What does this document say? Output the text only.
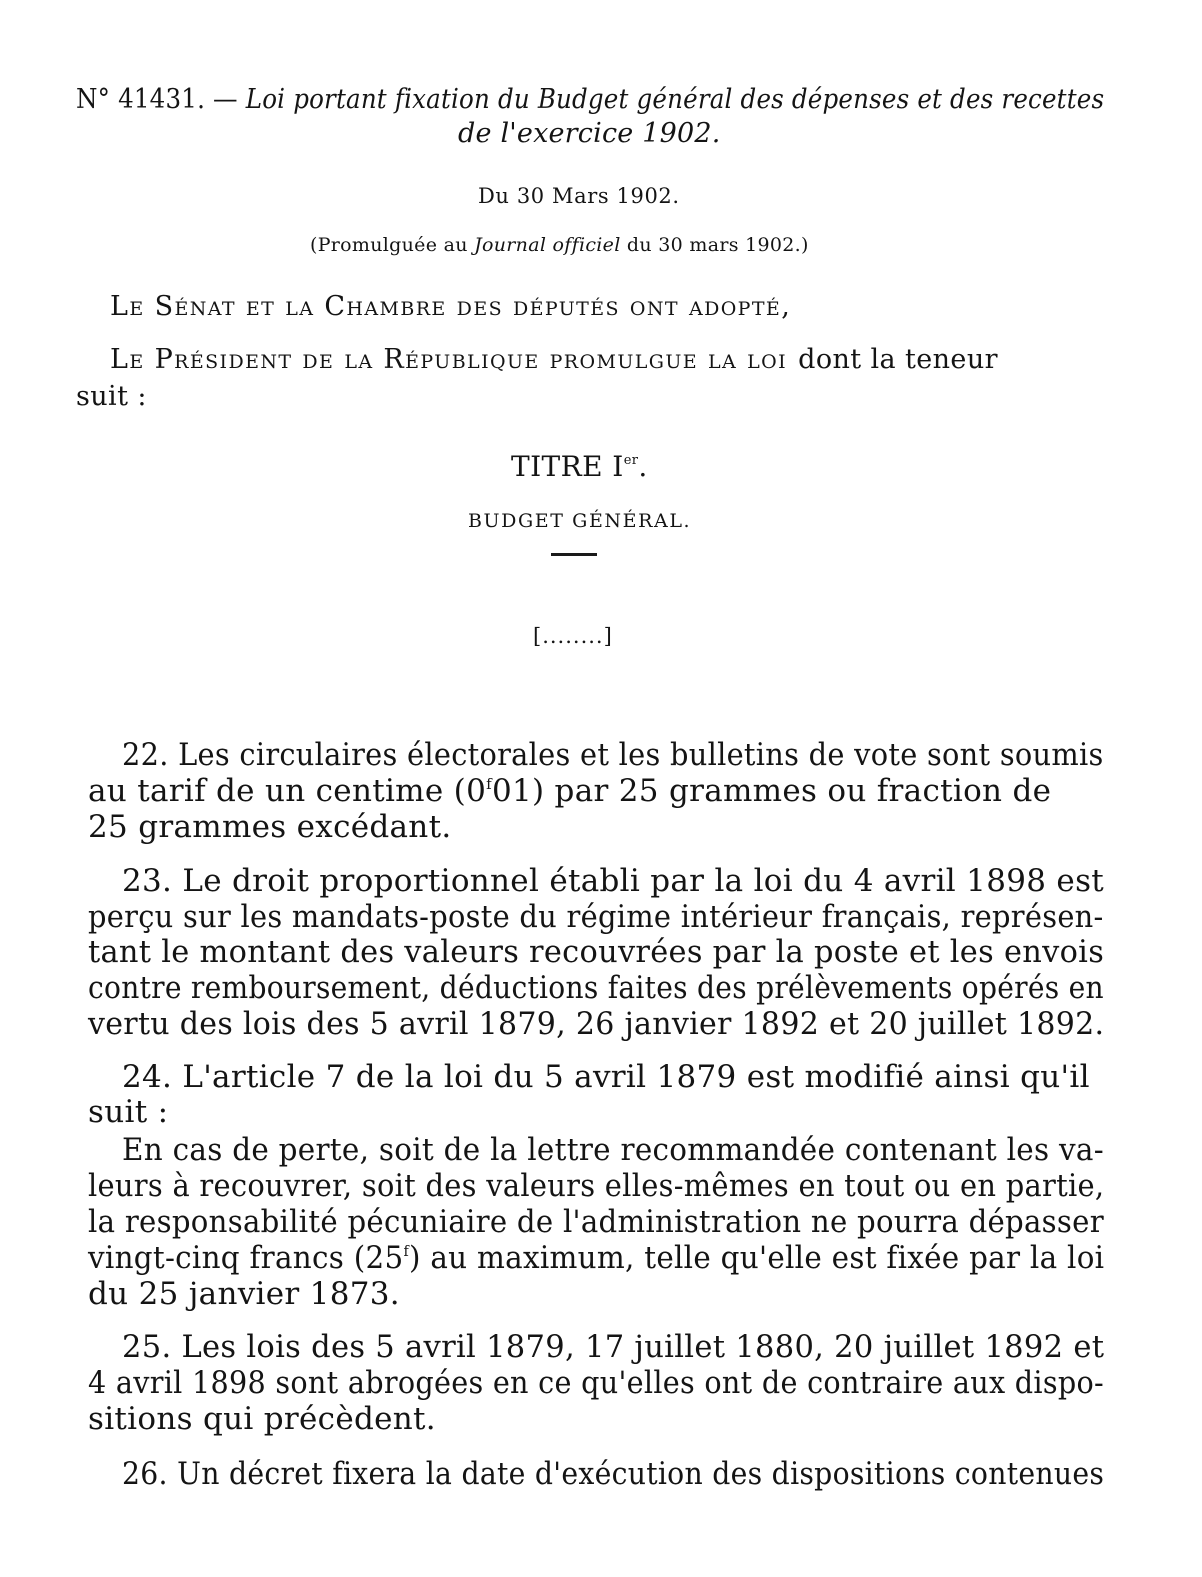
N° 41431. — Loi portant fixation du Budget général des dépenses et des recettes
de l'exercice 1902.
Du 30 Mars 1902.
(Promulguée au Journal officiel du 30 mars 1902.)
Le Sénat et la Chambre des députés ont adopté,
Le Président de la République promulgue la loi dont la teneur
suit :
TITRE Ier.
BUDGET GÉNÉRAL.
[........]
22. Les circulaires électorales et les bulletins de vote sont soumis
au tarif de un centime (0$^f$01) par 25 grammes ou fraction de
25 grammes excédant.
23. Le droit proportionnel établi par la loi du 4 avril 1898 est
perçu sur les mandats-poste du régime intérieur français, représen-
tant le montant des valeurs recouvrées par la poste et les envois
contre remboursement, déductions faites des prélèvements opérés en
vertu des lois des 5 avril 1879, 26 janvier 1892 et 20 juillet 1892.
24. L'article 7 de la loi du 5 avril 1879 est modifié ainsi qu'il
suit :
En cas de perte, soit de la lettre recommandée contenant les va-
leurs à recouvrer, soit des valeurs elles-mêmes en tout ou en partie,
la responsabilité pécuniaire de l'administration ne pourra dépasser
vingt-cinq francs (25$^f$) au maximum, telle qu'elle est fixée par la loi
du 25 janvier 1873.
25. Les lois des 5 avril 1879, 17 juillet 1880, 20 juillet 1892 et
4 avril 1898 sont abrogées en ce qu'elles ont de contraire aux dispo-
sitions qui précèdent.
26. Un décret fixera la date d'exécution des dispositions contenues
